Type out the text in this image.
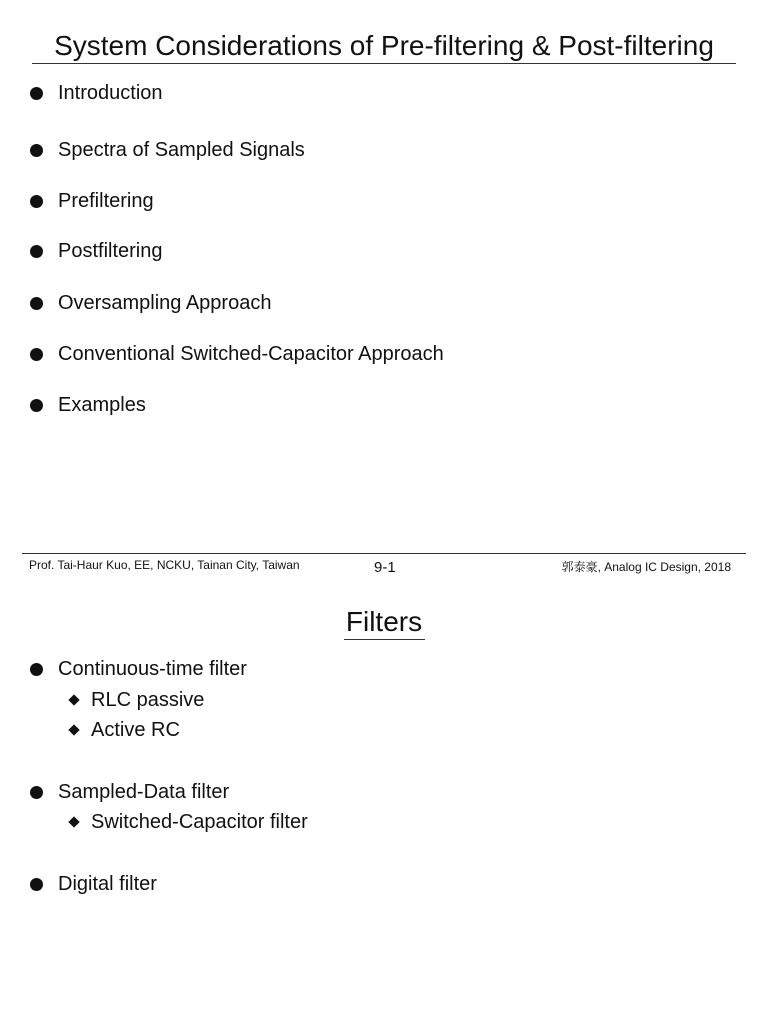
System Considerations of Pre-filtering & Post-filtering
Introduction
Spectra of Sampled Signals
Prefiltering
Postfiltering
Oversampling Approach
Conventional Switched-Capacitor Approach
Examples
Prof. Tai-Haur Kuo, EE, NCKU, Tainan City, Taiwan	9-1	郭泰豪, Analog IC Design, 2018
Filters
Continuous-time filter
RLC passive
Active RC
Sampled-Data filter
Switched-Capacitor filter
Digital filter
